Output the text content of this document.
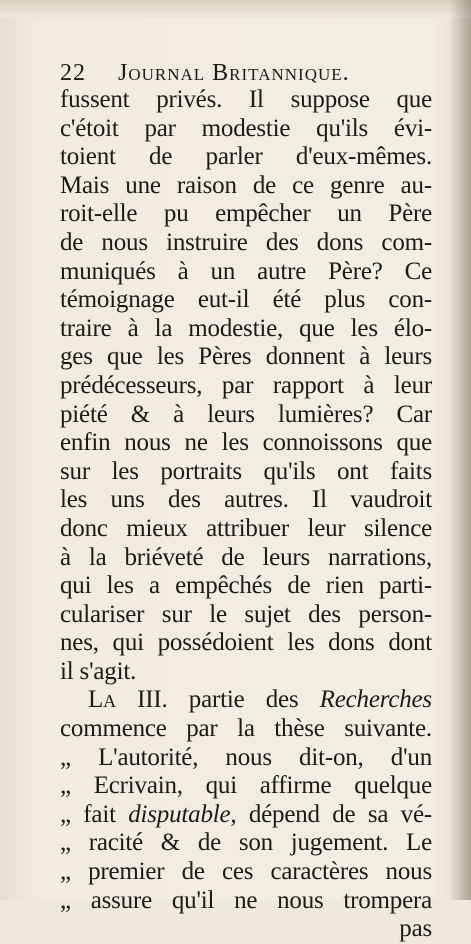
22 Journal Britannique.
fussent privés. Il suppose que
c'étoit par modestie qu'ils évi-
toient de parler d'eux-mêmes.
Mais une raison de ce genre au-
roit-elle pu empêcher un Père
de nous instruire des dons com-
muniqués à un autre Père? Ce
témoignage eut-il été plus con-
traire à la modestie, que les élo-
ges que les Pères donnent à leurs
prédécesseurs, par rapport à leur
piété & à leurs lumières? Car
enfin nous ne les connoissons que
sur les portraits qu'ils ont faits
les uns des autres. Il vaudroit
donc mieux attribuer leur silence
à la briéveté de leurs narrations,
qui les a empêchés de rien parti-
culariser sur le sujet des person-
nes, qui possédoient les dons dont
il s'agit.
La III. partie des Recherches
commence par la thèse suivante.
„ L'autorité, nous dit-on, d'un
„ Ecrivain, qui affirme quelque
„ fait disputable, dépend de sa vé-
„ racité & de son jugement. Le
„ premier de ces caractères nous
„ assure qu'il ne nous trompera
pas
